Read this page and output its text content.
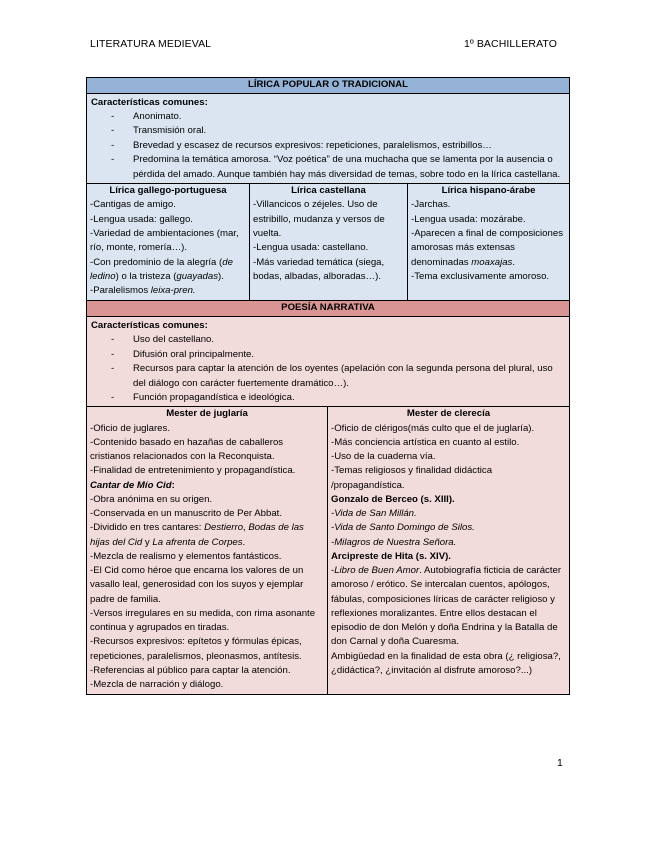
LITERATURA MEDIEVAL	1º BACHILLERATO
LÍRICA POPULAR O TRADICIONAL
Características comunes:
- Anonimato.
- Transmisión oral.
- Brevedad y escasez de recursos expresivos: repeticiones, paralelismos, estribillos…
- Predomina la temática amorosa. “Voz poética” de una muchacha que se lamenta por la ausencia o pérdida del amado. Aunque también hay más diversidad de temas, sobre todo en la lírica castellana.
Lírica gallego-portuguesa
-Cantigas de amigo.
-Lengua usada: gallego.
-Variedad de ambientaciones (mar, río, monte, romería…).
-Con predominio de la alegría (de ledino) o la tristeza (guayadas).
-Paralelismos leixa-pren.
Lírica castellana
-Villancicos o zéjeles. Uso de estribillo, mudanza y versos de vuelta.
-Lengua usada: castellano.
-Más variedad temática (siega, bodas, albadas, alboradas…).
Lírica hispano-árabe
-Jarchas.
-Lengua usada: mozárabe.
-Aparecen a final de composiciones amorosas más extensas denominadas moaxajas.
-Tema exclusivamente amoroso.
POESÍA NARRATIVA
Características comunes:
- Uso del castellano.
- Difusión oral principalmente.
- Recursos para captar la atención de los oyentes (apelación con la segunda persona del plural, uso del diálogo con carácter fuertemente dramático…).
- Función propagandística e ideológica.
Mester de juglaría
-Oficio de juglares.
-Contenido basado en hazañas de caballeros cristianos relacionados con la Reconquista.
-Finalidad de entretenimiento y propagandística.
Cantar de Mío Cid:
-Obra anónima en su origen.
-Conservada en un manuscrito de Per Abbat.
-Dividido en tres cantares: Destierro, Bodas de las hijas del Cid y La afrenta de Corpes.
-Mezcla de realismo y elementos fantásticos.
-El Cid como héroe que encarna los valores de un vasallo leal, generosidad con los suyos y ejemplar padre de familia.
-Versos irregulares en su medida, con rima asonante continua y agrupados en tiradas.
-Recursos expresivos: epítetos y fórmulas épicas, repeticiones, paralelismos, pleonasmos, antítesis.
-Referencias al público para captar la atención.
-Mezcla de narración y diálogo.
Mester de clerecía
-Oficio de clérigos(más culto que el de juglaría).
-Más conciencia artística en cuanto al estilo.
-Uso de la cuaderna vía.
-Temas religiosos y finalidad didáctica /propagandística.
Gonzalo de Berceo (s. XIII).
-Vida de San Millán.
-Vida de Santo Domingo de Silos.
-Milagros de Nuestra Señora.
Arcipreste de Hita (s. XIV).
-Libro de Buen Amor. Autobiografía ficticia de carácter amoroso / erótico. Se intercalan cuentos, apólogos, fábulas, composiciones líricas de carácter religioso y reflexiones moralizantes. Entre ellos destacan el episodio de don Melón y doña Endrina y la Batalla de don Carnal y doña Cuaresma.
Ambigüedad en la finalidad de esta obra (¿ religiosa?, ¿didáctica?, ¿invitación al disfrute amoroso?...)
1
